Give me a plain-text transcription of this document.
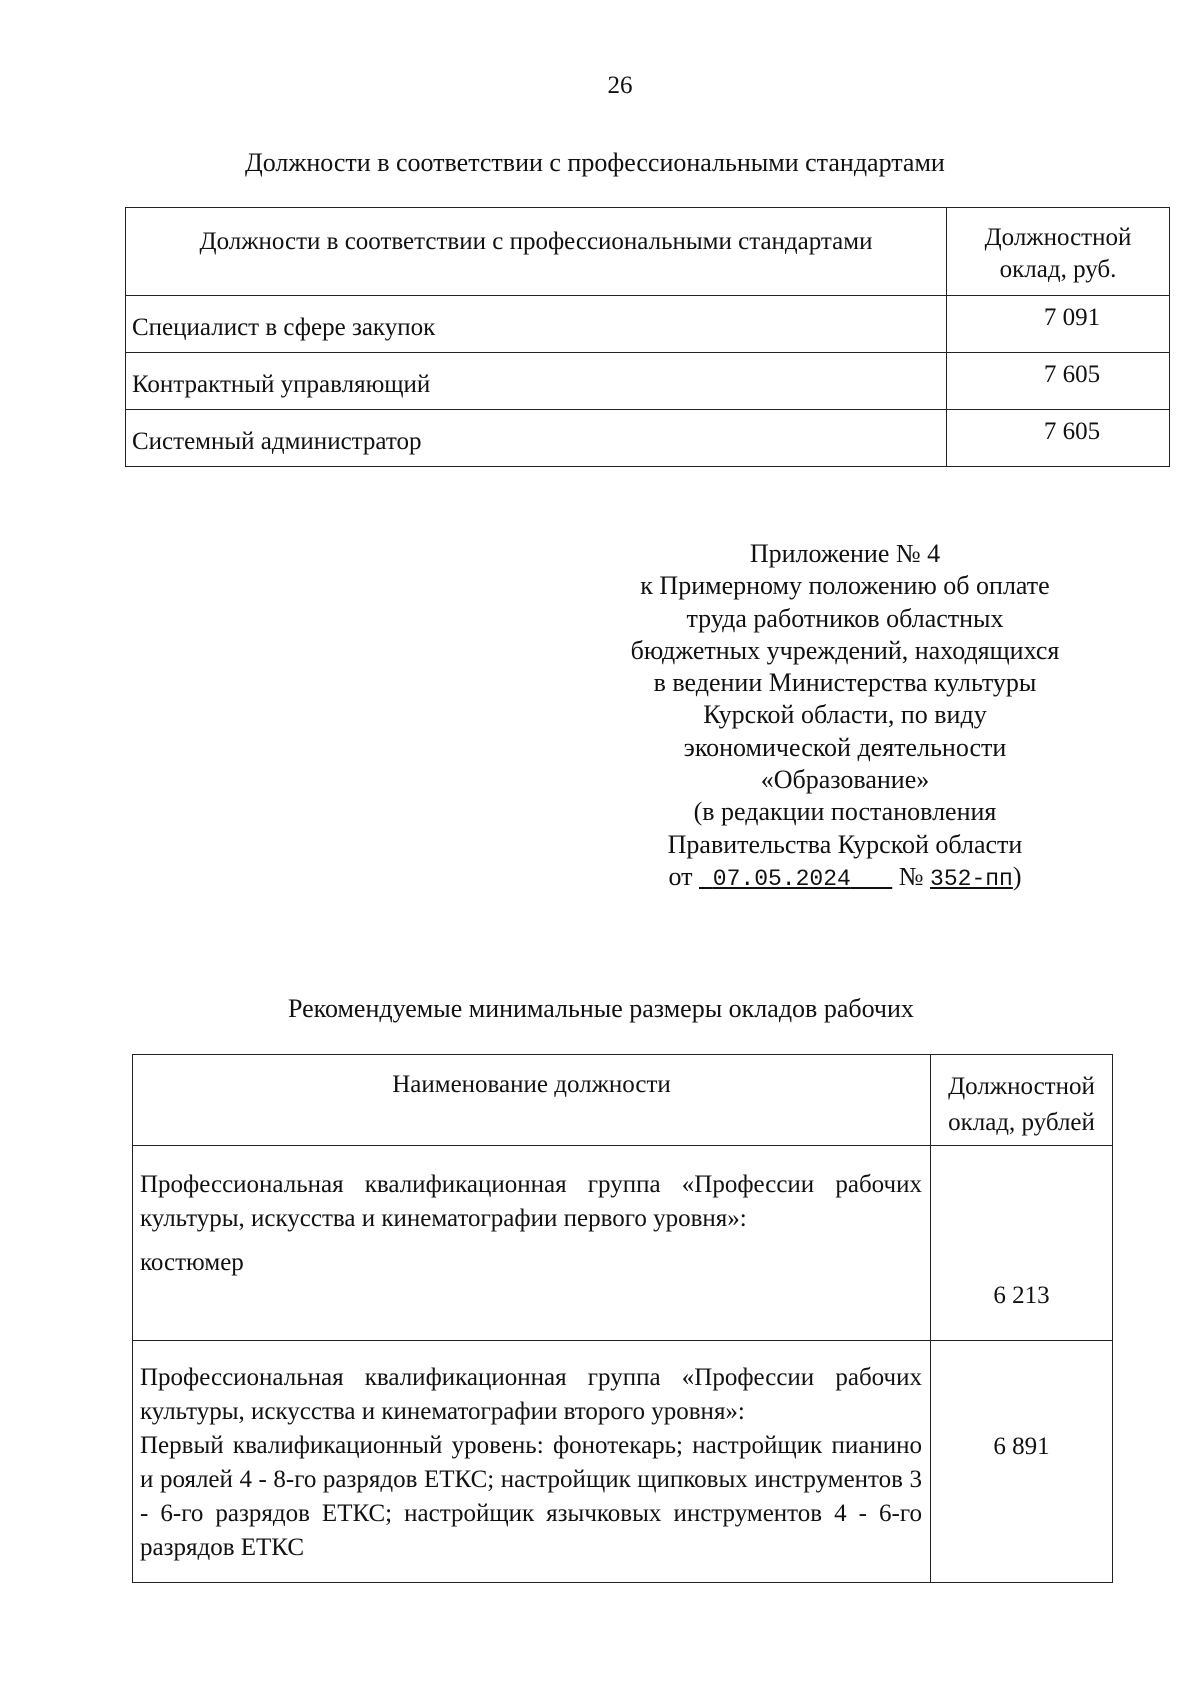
26
Должности в соответствии с профессиональными стандартами
Должности в соответствии с профессиональными стандартами	Должностной
оклад, руб.
Специалист в сфере закупок	7 091
Контрактный управляющий	7 605
Системный администратор	7 605
Приложение № 4
к Примерному положению об оплате
труда работников областных
бюджетных учреждений, находящихся
в ведении Министерства культуры
Курской области, по виду
экономической деятельности
«Образование»
(в редакции постановления
Правительства Курской области
от 07.05.2024 № 352-пп)
Рекомендуемые минимальные размеры окладов рабочих
Наименование должности	Должностной
оклад, рублей

Профессиональная квалификационная группа «Профессии рабочих культуры, искусства и кинематографии первого уровня»:

костюмер	6 213

Профессиональная квалификационная группа «Профессии рабочих культуры, искусства и кинематографии второго уровня»:

Первый квалификационный уровень: фонотекарь; настройщик пианино и роялей 4 - 8-го разрядов ЕТКС; настройщик щипковых инструментов 3 - 6-го разрядов ЕТКС; настройщик язычковых инструментов 4 - 6-го разрядов ЕТКС	6 891
